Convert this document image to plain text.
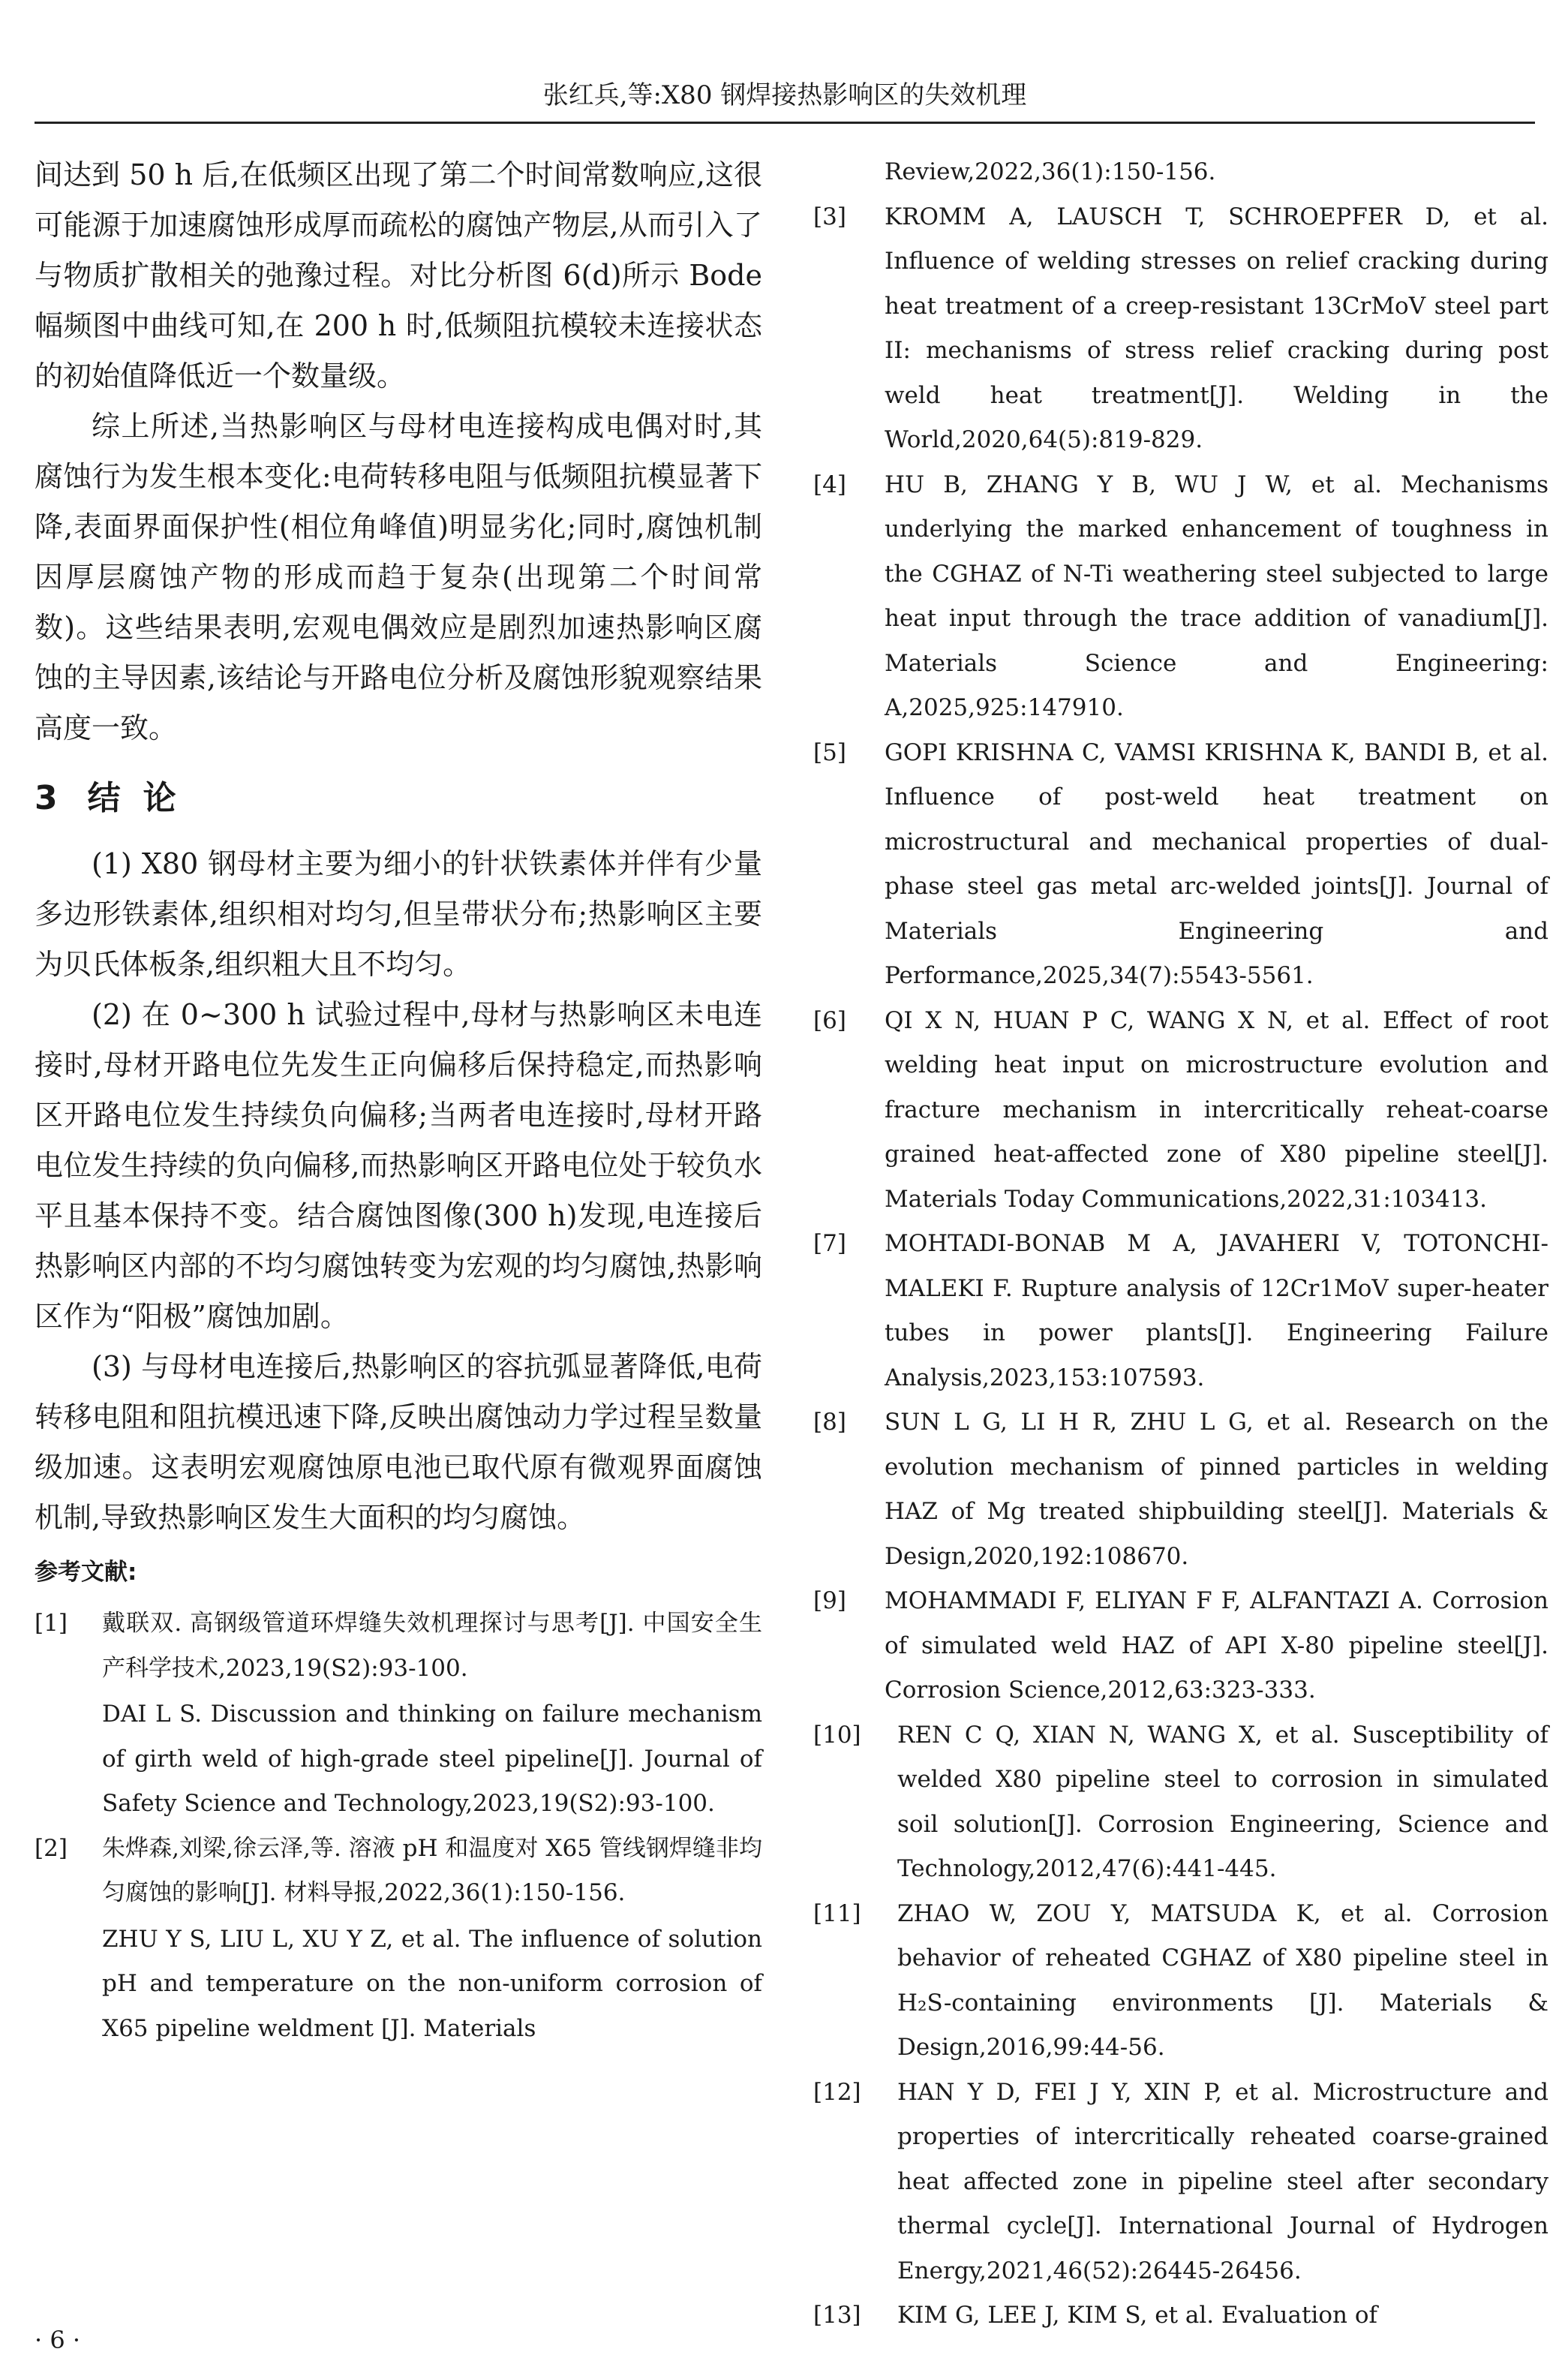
张红兵,等:X80 钢焊接热影响区的失效机理

间达到 50 h 后,在低频区出现了第二个时间常数响应,这很可能源于加速腐蚀形成厚而疏松的腐蚀产物层,从而引入了与物质扩散相关的弛豫过程。对比分析图 6(d)所示 Bode 幅频图中曲线可知,在 200 h 时,低频阻抗模较未连接状态的初始值降低近一个数量级。

综上所述,当热影响区与母材电连接构成电偶对时,其腐蚀行为发生根本变化:电荷转移电阻与低频阻抗模显著下降,表面界面保护性(相位角峰值)明显劣化;同时,腐蚀机制因厚层腐蚀产物的形成而趋于复杂(出现第二个时间常数)。这些结果表明,宏观电偶效应是剧烈加速热影响区腐蚀的主导因素,该结论与开路电位分析及腐蚀形貌观察结果高度一致。

3 结论

(1) X80 钢母材主要为细小的针状铁素体并伴有少量多边形铁素体,组织相对均匀,但呈带状分布;热影响区主要为贝氏体板条,组织粗大且不均匀。

(2) 在 0~300 h 试验过程中,母材与热影响区未电连接时,母材开路电位先发生正向偏移后保持稳定,而热影响区开路电位发生持续负向偏移;当两者电连接时,母材开路电位发生持续的负向偏移,而热影响区开路电位处于较负水平且基本保持不变。结合腐蚀图像(300 h)发现,电连接后热影响区内部的不均匀腐蚀转变为宏观的均匀腐蚀,热影响区作为“阳极”腐蚀加剧。

(3) 与母材电连接后,热影响区的容抗弧显著降低,电荷转移电阻和阻抗模迅速下降,反映出腐蚀动力学过程呈数量级加速。这表明宏观腐蚀原电池已取代原有微观界面腐蚀机制,导致热影响区发生大面积的均匀腐蚀。

参考文献:
[1] 戴联双. 高钢级管道环焊缝失效机理探讨与思考[J]. 中国安全生产科学技术,2023,19(S2):93-100.
DAI L S. Discussion and thinking on failure mechanism of girth weld of high-grade steel pipeline[J]. Journal of Safety Science and Technology,2023,19(S2):93-100.
[2] 朱烨森,刘梁,徐云泽,等. 溶液 pH 和温度对 X65 管线钢焊缝非均匀腐蚀的影响[J]. 材料导报,2022,36(1):150-156.
ZHU Y S, LIU L, XU Y Z, et al. The influence of solution pH and temperature on the non-uniform corrosion of X65 pipeline weldment [J]. Materials

Review,2022,36(1):150-156.

[3] KROMM A, LAUSCH T, SCHROEPFER D, et al. Influence of welding stresses on relief cracking during heat treatment of a creep-resistant 13CrMoV steel part II: mechanisms of stress relief cracking during post weld heat treatment[J]. Welding in the World,2020,64(5):819-829.
[4] HU B, ZHANG Y B, WU J W, et al. Mechanisms underlying the marked enhancement of toughness in the CGHAZ of N-Ti weathering steel subjected to large heat input through the trace addition of vanadium[J]. Materials Science and Engineering: A,2025,925:147910.
[5] GOPI KRISHNA C, VAMSI KRISHNA K, BANDI B, et al. Influence of post-weld heat treatment on microstructural and mechanical properties of dual-phase steel gas metal arc-welded joints[J]. Journal of Materials Engineering and Performance,2025,34(7):5543-5561.
[6] QI X N, HUAN P C, WANG X N, et al. Effect of root welding heat input on microstructure evolution and fracture mechanism in intercritically reheat-coarse grained heat-affected zone of X80 pipeline steel[J]. Materials Today Communications,2022,31:103413.
[7] MOHTADI-BONAB M A, JAVAHERI V, TOTONCHI-MALEKI F. Rupture analysis of 12Cr1MoV super-heater tubes in power plants[J]. Engineering Failure Analysis,2023,153:107593.
[8] SUN L G, LI H R, ZHU L G, et al. Research on the evolution mechanism of pinned particles in welding HAZ of Mg treated shipbuilding steel[J]. Materials & Design,2020,192:108670.
[9] MOHAMMADI F, ELIYAN F F, ALFANTAZI A. Corrosion of simulated weld HAZ of API X-80 pipeline steel[J]. Corrosion Science,2012,63:323-333.
[10] REN C Q, XIAN N, WANG X, et al. Susceptibility of welded X80 pipeline steel to corrosion in simulated soil solution[J]. Corrosion Engineering, Science and Technology,2012,47(6):441-445.
[11] ZHAO W, ZOU Y, MATSUDA K, et al. Corrosion behavior of reheated CGHAZ of X80 pipeline steel in H₂S-containing environments [J]. Materials & Design,2016,99:44-56.
[12] HAN Y D, FEI J Y, XIN P, et al. Microstructure and properties of intercritically reheated coarse-grained heat affected zone in pipeline steel after secondary thermal cycle[J]. International Journal of Hydrogen Energy,2021,46(52):26445-26456.
[13] KIM G, LEE J, KIM S, et al. Evaluation of
· 6 ·
